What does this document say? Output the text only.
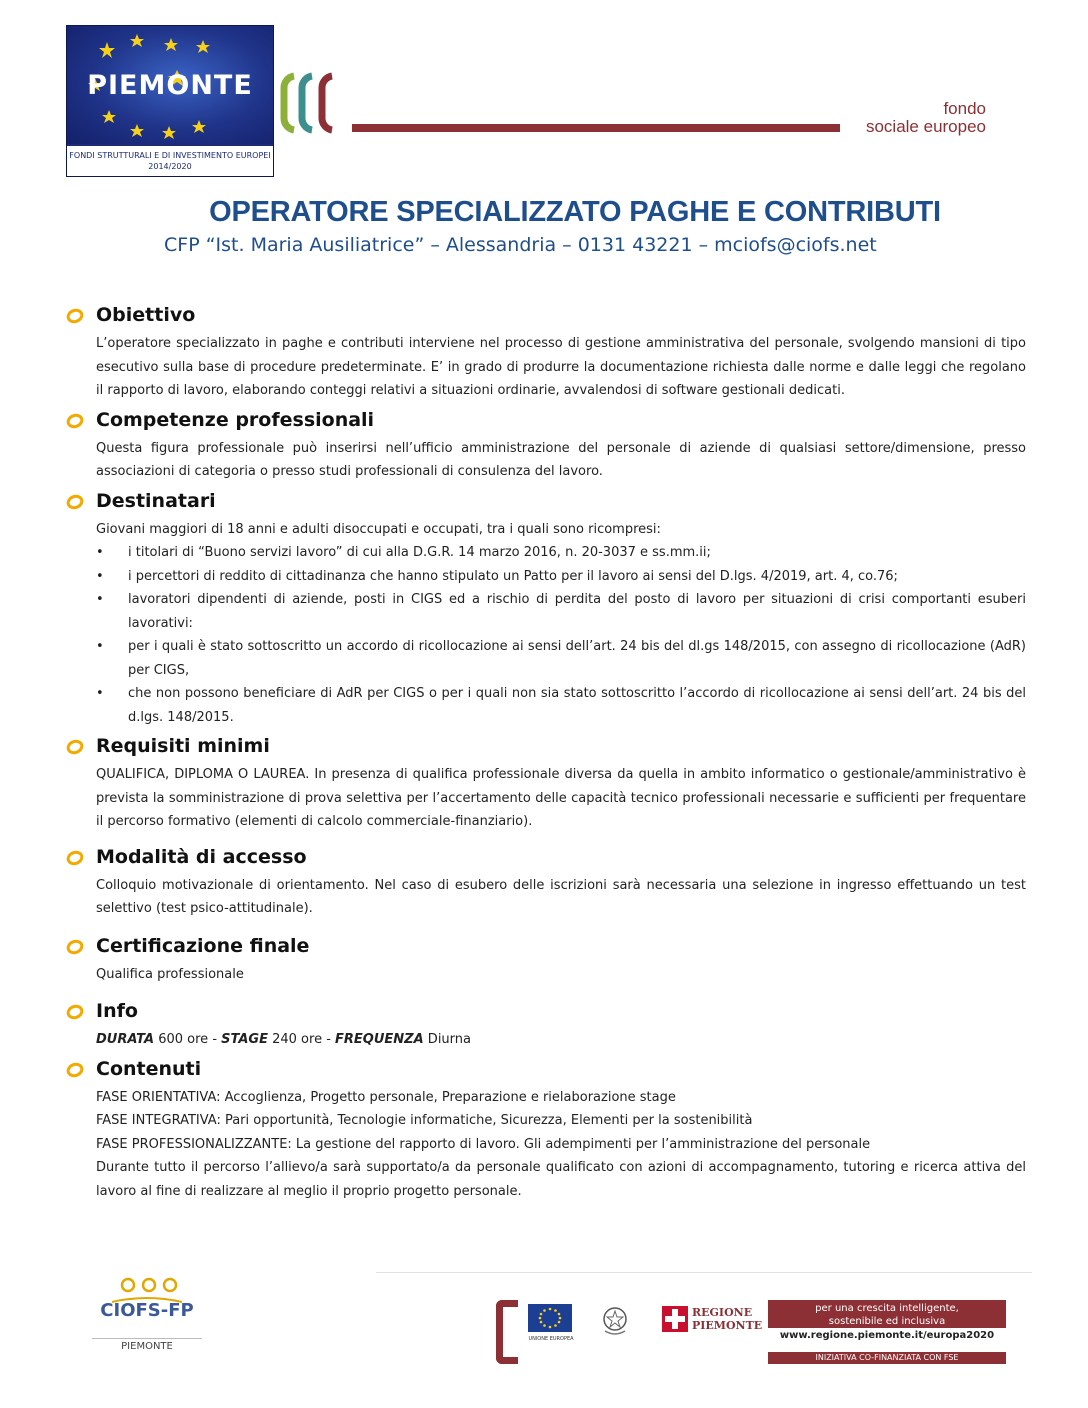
PIEMONTE
FONDI STRUTTURALI E DI INVESTIMENTO EUROPEI 2014/2020
fondo
sociale europeo
OPERATORE SPECIALIZZATO PAGHE E CONTRIBUTI
CFP “Ist. Maria Ausiliatrice” – Alessandria – 0131 43221 – mciofs@ciofs.net
Obiettivo

L’operatore specializzato in paghe e contributi interviene nel processo di gestione amministrativa del personale, svolgendo mansioni di tipo esecutivo sulla base di procedure predeterminate. E’ in grado di produrre la documentazione richiesta dalle norme e dalle leggi che regolano il rapporto di lavoro, elaborando conteggi relativi a situazioni ordinarie, avvalendosi di software gestionali dedicati.

Competenze professionali

Questa figura professionale può inserirsi nell’ufficio amministrazione del personale di aziende di qualsiasi settore/dimensione, presso associazioni di categoria o presso studi professionali di consulenza del lavoro.

Destinatari

Giovani maggiori di 18 anni e adulti disoccupati e occupati, tra i quali sono ricompresi:

• i titolari di “Buono servizi lavoro” di cui alla D.G.R. 14 marzo 2016, n. 20-3037 e ss.mm.ii;
• i percettori di reddito di cittadinanza che hanno stipulato un Patto per il lavoro ai sensi del D.lgs. 4/2019, art. 4, co.76;
• lavoratori dipendenti di aziende, posti in CIGS ed a rischio di perdita del posto di lavoro per situazioni di crisi comportanti esuberi lavorativi:
• per i quali è stato sottoscritto un accordo di ricollocazione ai sensi dell’art. 24 bis del dl.gs 148/2015, con assegno di ricollocazione (AdR) per CIGS,
• che non possono beneficiare di AdR per CIGS o per i quali non sia stato sottoscritto l’accordo di ricollocazione ai sensi dell’art. 24 bis del d.lgs. 148/2015.
Requisiti minimi

QUALIFICA, DIPLOMA O LAUREA. In presenza di qualifica professionale diversa da quella in ambito informatico o gestionale/amministrativo è prevista la somministrazione di prova selettiva per l’accertamento delle capacità tecnico professionali necessarie e sufficienti per frequentare il percorso formativo (elementi di calcolo commerciale-finanziario).

Modalità di accesso

Colloquio motivazionale di orientamento. Nel caso di esubero delle iscrizioni sarà necessaria una selezione in ingresso effettuando un test selettivo (test psico-attitudinale).

Certificazione finale

Qualifica professionale

Info

DURATA 600 ore - STAGE 240 ore - FREQUENZA Diurna

Contenuti

FASE ORIENTATIVA: Accoglienza, Progetto personale, Preparazione e rielaborazione stage

FASE INTEGRATIVA: Pari opportunità, Tecnologie informatiche, Sicurezza, Elementi per la sostenibilità

FASE PROFESSIONALIZZANTE: La gestione del rapporto di lavoro. Gli adempimenti per l’amministrazione del personale

Durante tutto il percorso l’allievo/a sarà supportato/a da personale qualificato con azioni di accompagnamento, tutoring e ricerca attiva del lavoro al fine di realizzare al meglio il proprio progetto personale.

CIOFS-FP
PIEMONTE
UNIONE EUROPEA
REGIONE
PIEMONTE
per una crescita intelligente,
sostenibile ed inclusiva
www.regione.piemonte.it/europa2020
INIZIATIVA CO-FINANZIATA CON FSE
